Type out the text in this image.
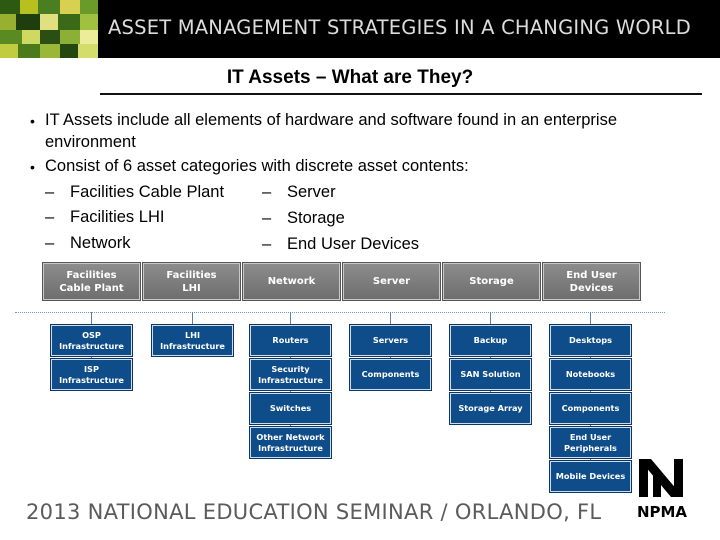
ASSET MANAGEMENT STRATEGIES IN A CHANGING WORLD
IT Assets – What are They?
• IT Assets include all elements of hardware and software found in an enterprise
environment
• Consist of 6 asset categories with discrete asset contents:
– Facilities Cable Plant – Server
– Facilities LHI	– Storage
– Network	– End User Devices
Facilities
Cable Plant
Facilities
LHI
Network	Server	Storage
End User
Devices
OSP
Infrastructure
ISP Infrastructure
LHI Infrastructure
Routers
Security
Infrastructure
Switches
Other Network
Infrastructure
Servers
Components
Backup
SAN Solution
Storage Array
Desktops
Notebooks
Components
End User
Peripherals
Mobile Devices
2013 NATIONAL EDUCATION SEMINAR / ORLANDO, FL NPMA
